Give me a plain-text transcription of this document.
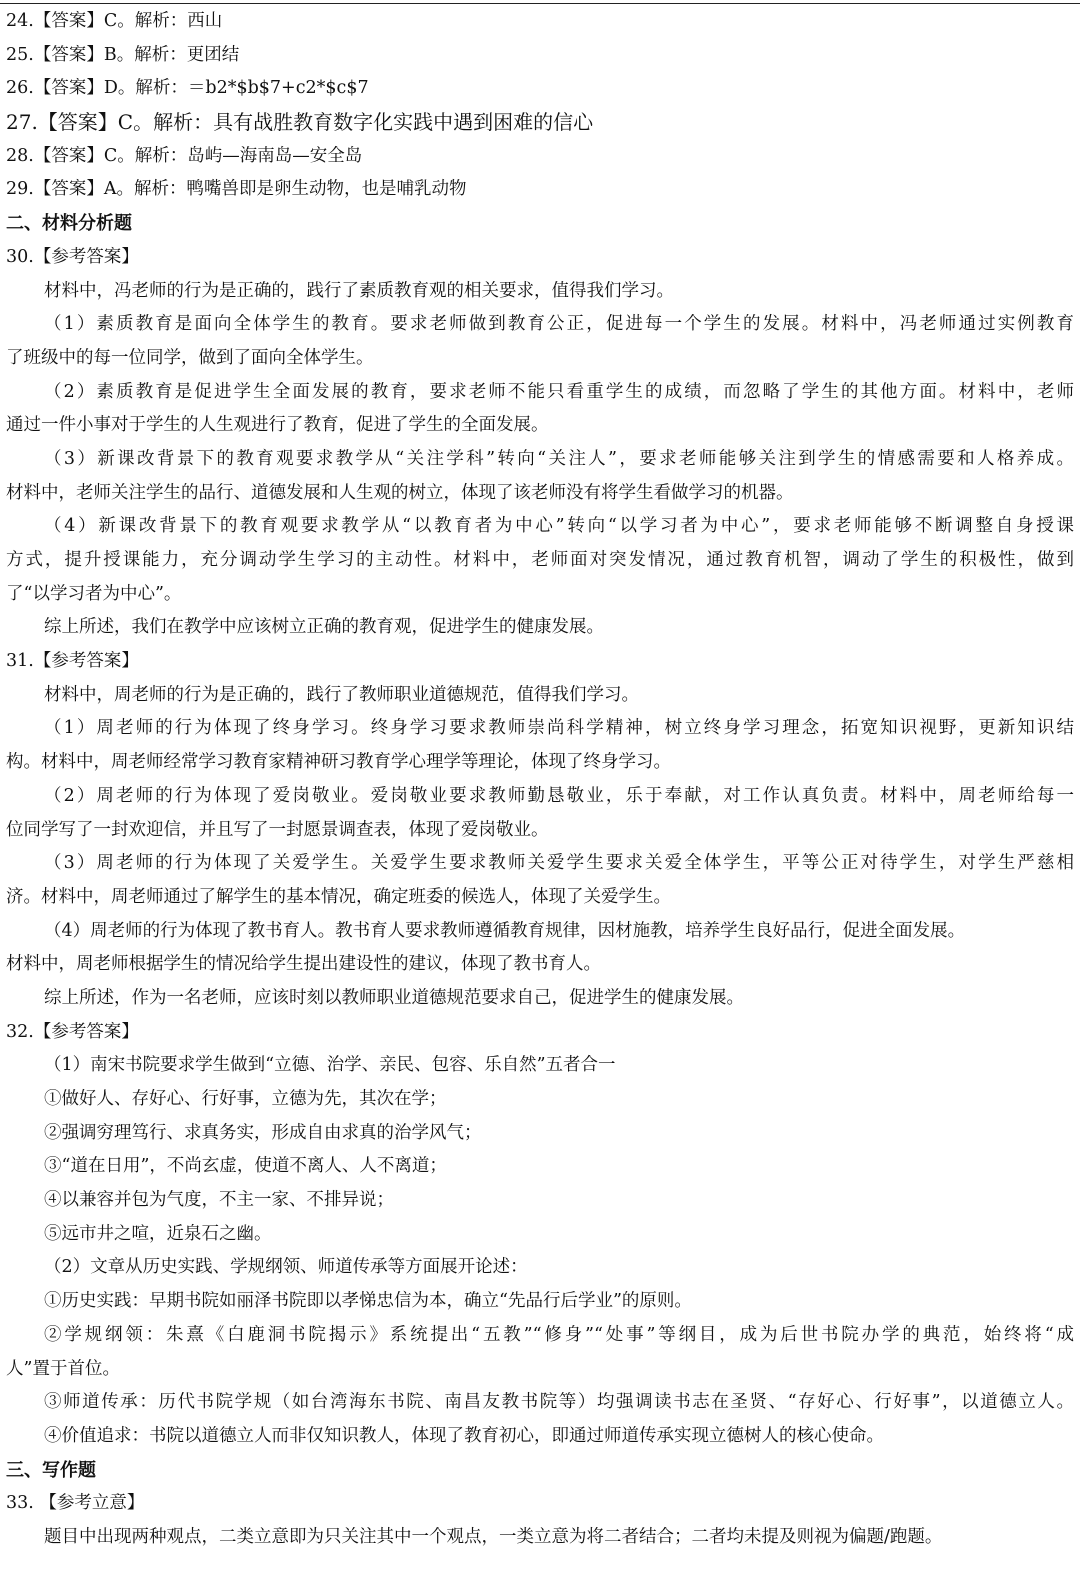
24.【答案】C。解析：西山
25.【答案】B。解析：更团结
26.【答案】D。解析：＝b2*$b$7+c2*$c$7
27.【答案】C。解析：具有战胜教育数字化实践中遇到困难的信心
28.【答案】C。解析：岛屿—海南岛—安全岛
29.【答案】A。解析：鸭嘴兽即是卵生动物，也是哺乳动物
二、材料分析题
30.【参考答案】
材料中，冯老师的行为是正确的，践行了素质教育观的相关要求，值得我们学习。
（1）素质教育是面向全体学生的教育。要求老师做到教育公正，促进每一个学生的发展。材料中，冯老师通过实例教育
了班级中的每一位同学，做到了面向全体学生。
（2）素质教育是促进学生全面发展的教育，要求老师不能只看重学生的成绩，而忽略了学生的其他方面。材料中，老师
通过一件小事对于学生的人生观进行了教育，促进了学生的全面发展。
（3）新课改背景下的教育观要求教学从“关注学科”转向“关注人”，要求老师能够关注到学生的情感需要和人格养成。
材料中，老师关注学生的品行、道德发展和人生观的树立，体现了该老师没有将学生看做学习的机器。
（4）新课改背景下的教育观要求教学从“以教育者为中心”转向“以学习者为中心”，要求老师能够不断调整自身授课
方式，提升授课能力，充分调动学生学习的主动性。材料中，老师面对突发情况，通过教育机智，调动了学生的积极性，做到
了“以学习者为中心”。
综上所述，我们在教学中应该树立正确的教育观，促进学生的健康发展。
31.【参考答案】
材料中，周老师的行为是正确的，践行了教师职业道德规范，值得我们学习。
（1）周老师的行为体现了终身学习。终身学习要求教师崇尚科学精神，树立终身学习理念，拓宽知识视野，更新知识结
构。材料中，周老师经常学习教育家精神研习教育学心理学等理论，体现了终身学习。
（2）周老师的行为体现了爱岗敬业。爱岗敬业要求教师勤恳敬业，乐于奉献，对工作认真负责。材料中，周老师给每一
位同学写了一封欢迎信，并且写了一封愿景调查表，体现了爱岗敬业。
（3）周老师的行为体现了关爱学生。关爱学生要求教师关爱学生要求关爱全体学生，平等公正对待学生，对学生严慈相
济。材料中，周老师通过了解学生的基本情况，确定班委的候选人，体现了关爱学生。
（4）周老师的行为体现了教书育人。教书育人要求教师遵循教育规律，因材施教，培养学生良好品行，促进全面发展。
材料中，周老师根据学生的情况给学生提出建设性的建议，体现了教书育人。
综上所述，作为一名老师，应该时刻以教师职业道德规范要求自己，促进学生的健康发展。
32.【参考答案】
（1）南宋书院要求学生做到“立德、治学、亲民、包容、乐自然”五者合一
①做好人、存好心、行好事，立德为先，其次在学；
②强调穷理笃行、求真务实，形成自由求真的治学风气；
③“道在日用”，不尚玄虚，使道不离人、人不离道；
④以兼容并包为气度，不主一家、不排异说；
⑤远市井之喧，近泉石之幽。
（2）文章从历史实践、学规纲领、师道传承等方面展开论述：
①历史实践：早期书院如丽泽书院即以孝悌忠信为本，确立“先品行后学业”的原则。
②学规纲领：朱熹《白鹿洞书院揭示》系统提出“五教”“修身”“处事”等纲目，成为后世书院办学的典范，始终将“成
人”置于首位。
③师道传承：历代书院学规（如台湾海东书院、南昌友教书院等）均强调读书志在圣贤、“存好心、行好事”，以道德立人。
④价值追求：书院以道德立人而非仅知识教人，体现了教育初心，即通过师道传承实现立德树人的核心使命。
三、写作题
33. 【参考立意】
题目中出现两种观点，二类立意即为只关注其中一个观点，一类立意为将二者结合；二者均未提及则视为偏题/跑题。
